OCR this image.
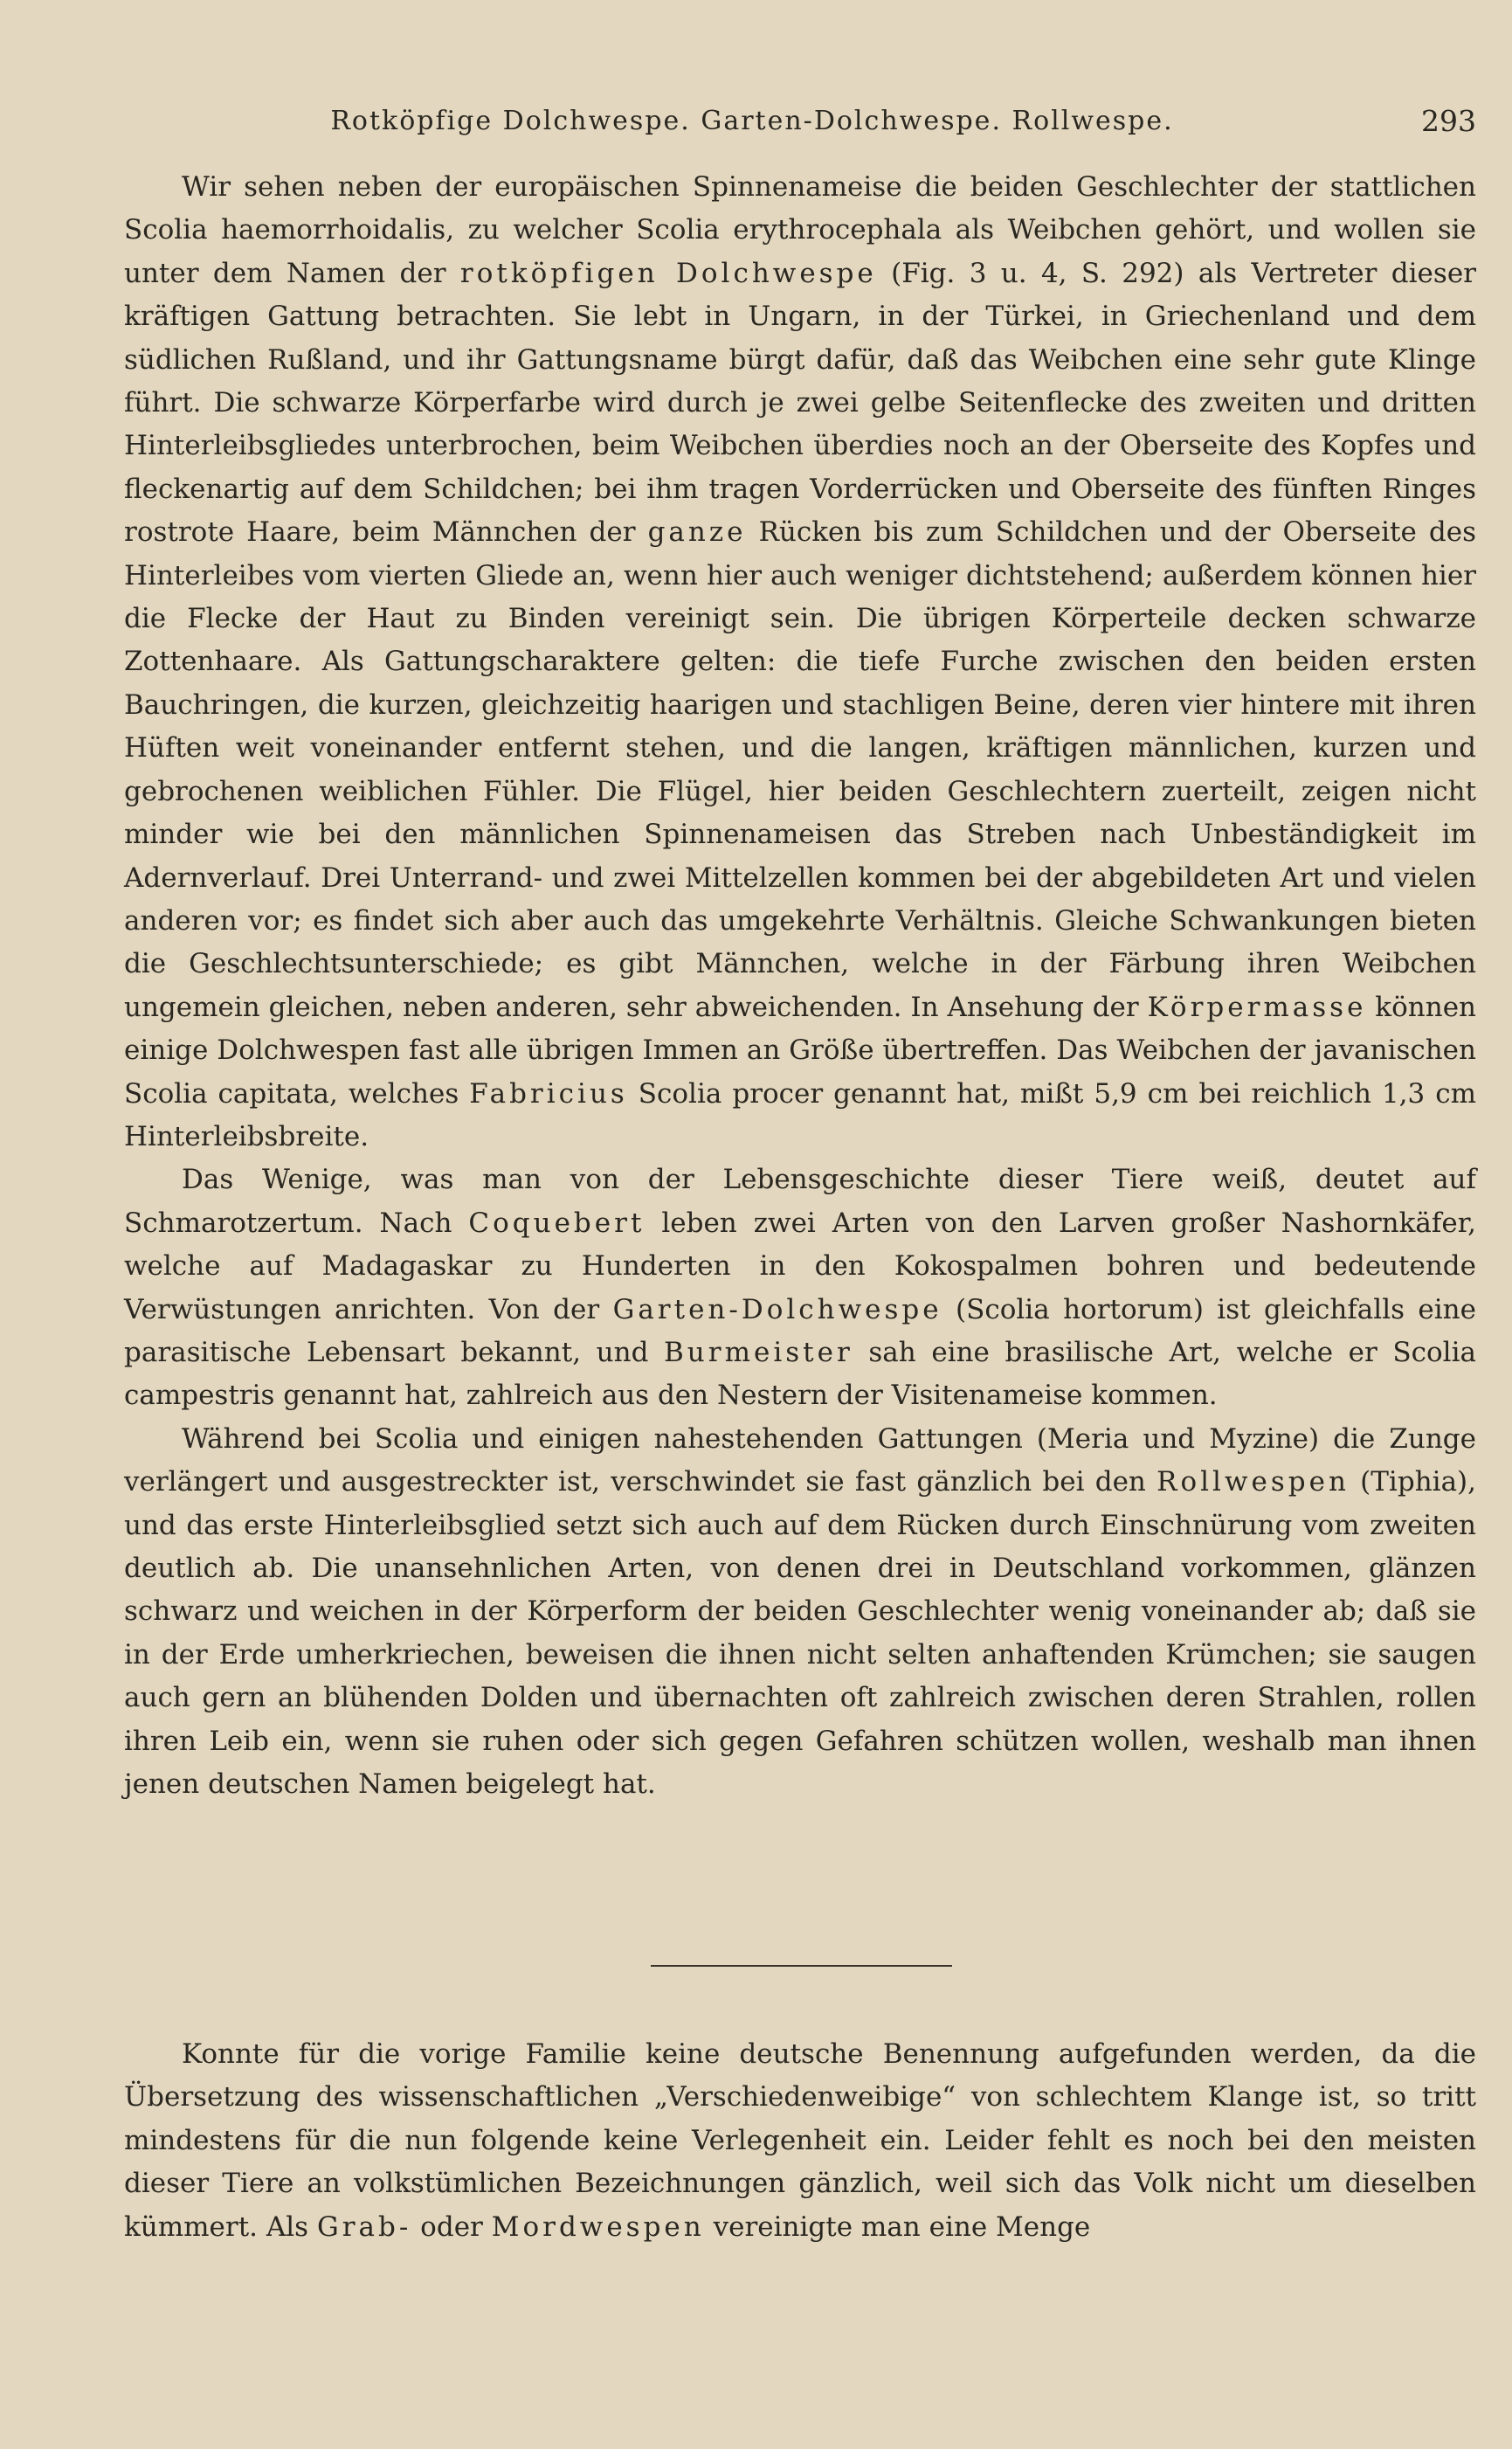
Rotköpfige Dolchwespe. Garten-Dolchwespe. Rollwespe.	293

Wir sehen neben der europäischen Spinnenameise die beiden Geschlechter der stattlichen Scolia haemorrhoidalis, zu welcher Scolia erythrocephala als Weibchen gehört, und wollen sie unter dem Namen der rotköpfigen Dolchwespe (Fig. 3 u. 4, S. 292) als Vertreter dieser kräftigen Gattung betrachten. Sie lebt in Ungarn, in der Türkei, in Griechenland und dem südlichen Rußland, und ihr Gattungsname bürgt dafür, daß das Weibchen eine sehr gute Klinge führt. Die schwarze Körperfarbe wird durch je zwei gelbe Seitenflecke des zweiten und dritten Hinterleibsgliedes unterbrochen, beim Weibchen überdies noch an der Oberseite des Kopfes und fleckenartig auf dem Schildchen; bei ihm tragen Vorderrücken und Oberseite des fünften Ringes rostrote Haare, beim Männchen der ganze Rücken bis zum Schildchen und der Oberseite des Hinterleibes vom vierten Gliede an, wenn hier auch weniger dichtstehend; außerdem können hier die Flecke der Haut zu Binden vereinigt sein. Die übrigen Körperteile decken schwarze Zottenhaare. Als Gattungscharaktere gelten: die tiefe Furche zwischen den beiden ersten Bauchringen, die kurzen, gleichzeitig haarigen und stachligen Beine, deren vier hintere mit ihren Hüften weit voneinander entfernt stehen, und die langen, kräftigen männlichen, kurzen und gebrochenen weiblichen Fühler. Die Flügel, hier beiden Geschlechtern zuerteilt, zeigen nicht minder wie bei den männlichen Spinnenameisen das Streben nach Unbeständigkeit im Adernverlauf. Drei Unterrand- und zwei Mittelzellen kommen bei der abgebildeten Art und vielen anderen vor; es findet sich aber auch das umgekehrte Verhältnis. Gleiche Schwankungen bieten die Geschlechtsunterschiede; es gibt Männchen, welche in der Färbung ihren Weibchen ungemein gleichen, neben anderen, sehr abweichenden. In Ansehung der Körpermasse können einige Dolchwespen fast alle übrigen Immen an Größe übertreffen. Das Weibchen der javanischen Scolia capitata, welches Fabricius Scolia procer genannt hat, mißt 5,9 cm bei reichlich 1,3 cm Hinterleibsbreite.

Das Wenige, was man von der Lebensgeschichte dieser Tiere weiß, deutet auf Schmarotzertum. Nach Coquebert leben zwei Arten von den Larven großer Nashornkäfer, welche auf Madagaskar zu Hunderten in den Kokospalmen bohren und bedeutende Verwüstungen anrichten. Von der Garten-Dolchwespe (Scolia hortorum) ist gleichfalls eine parasitische Lebensart bekannt, und Burmeister sah eine brasilische Art, welche er Scolia campestris genannt hat, zahlreich aus den Nestern der Visitenameise kommen.

Während bei Scolia und einigen nahestehenden Gattungen (Meria und Myzine) die Zunge verlängert und ausgestreckter ist, verschwindet sie fast gänzlich bei den Rollwespen (Tiphia), und das erste Hinterleibsglied setzt sich auch auf dem Rücken durch Einschnürung vom zweiten deutlich ab. Die unansehnlichen Arten, von denen drei in Deutschland vorkommen, glänzen schwarz und weichen in der Körperform der beiden Geschlechter wenig voneinander ab; daß sie in der Erde umherkriechen, beweisen die ihnen nicht selten anhaftenden Krümchen; sie saugen auch gern an blühenden Dolden und übernachten oft zahlreich zwischen deren Strahlen, rollen ihren Leib ein, wenn sie ruhen oder sich gegen Gefahren schützen wollen, weshalb man ihnen jenen deutschen Namen beigelegt hat.

Konnte für die vorige Familie keine deutsche Benennung aufgefunden werden, da die Übersetzung des wissenschaftlichen „Verschiedenweibige“ von schlechtem Klange ist, so tritt mindestens für die nun folgende keine Verlegenheit ein. Leider fehlt es noch bei den meisten dieser Tiere an volkstümlichen Bezeichnungen gänzlich, weil sich das Volk nicht um dieselben kümmert. Als Grab- oder Mordwespen vereinigte man eine Menge
